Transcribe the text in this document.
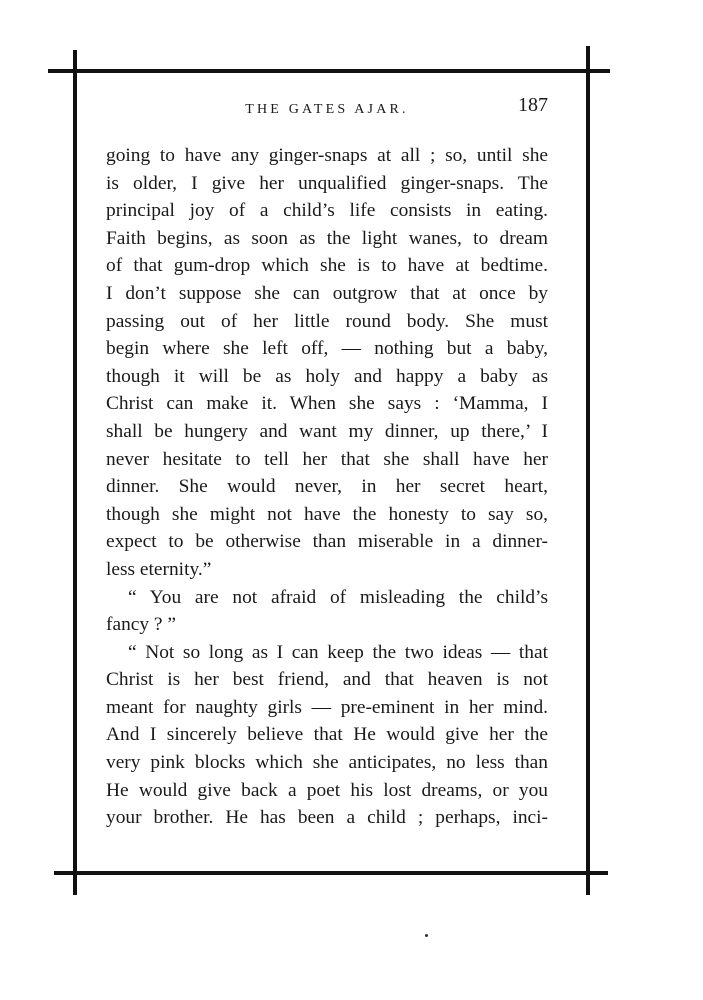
THE GATES AJAR.	187
going to have any ginger-snaps at all ; so, until she
is older, I give her unqualified ginger-snaps. The
principal joy of a child’s life consists in eating.
Faith begins, as soon as the light wanes, to dream
of that gum-drop which she is to have at bedtime.
I don’t suppose she can outgrow that at once by
passing out of her little round body. She must
begin where she left off, — nothing but a baby,
though it will be as holy and happy a baby as
Christ can make it. When she says : ‘Mamma, I
shall be hungery and want my dinner, up there,’ I
never hesitate to tell her that she shall have her
dinner. She would never, in her secret heart,
though she might not have the honesty to say so,
expect to be otherwise than miserable in a dinner-
less eternity.”
“ You are not afraid of misleading the child’s
fancy ? ”
“ Not so long as I can keep the two ideas — that
Christ is her best friend, and that heaven is not
meant for naughty girls — pre-eminent in her mind.
And I sincerely believe that He would give her the
very pink blocks which she anticipates, no less than
He would give back a poet his lost dreams, or you
your brother. He has been a child ; perhaps, inci-
